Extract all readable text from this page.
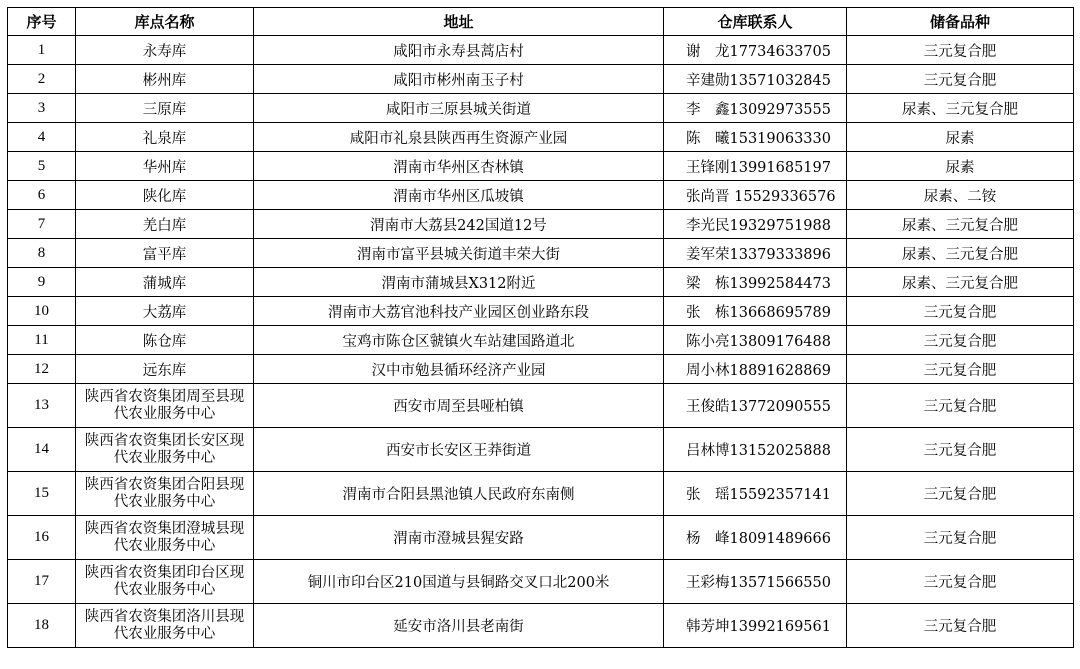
序号	库点名称	地址	仓库联系人	储备品种
1	永寿库	咸阳市永寿县蒿店村	谢　龙17734633705	三元复合肥
2	彬州库	咸阳市彬州南玉子村	辛建勋13571032845	三元复合肥
3	三原库	咸阳市三原县城关街道	李　鑫13092973555	尿素、三元复合肥
4	礼泉库	咸阳市礼泉县陕西再生资源产业园	陈　曦15319063330	尿素
5	华州库	渭南市华州区杏林镇	王锋刚13991685197	尿素
6	陕化库	渭南市华州区瓜坡镇	张尚晋 15529336576	尿素、二铵
7	羌白库	渭南市大荔县242国道12号	李光民19329751988	尿素、三元复合肥
8	富平库	渭南市富平县城关街道丰荣大街	姜军荣13379333896	尿素、三元复合肥
9	蒲城库	渭南市蒲城县X312附近	梁　栋13992584473	尿素、三元复合肥
10	大荔库	渭南市大荔官池科技产业园区创业路东段	张　栋13668695789	三元复合肥
11	陈仓库	宝鸡市陈仓区虢镇火车站建国路道北	陈小亮13809176488	三元复合肥
12	远东库	汉中市勉县循环经济产业园	周小林18891628869	三元复合肥
13	陕西省农资集团周至县现代农业服务中心	西安市周至县哑柏镇	王俊皓13772090555	三元复合肥
14	陕西省农资集团长安区现代农业服务中心	西安市长安区王莽街道	吕林博13152025888	三元复合肥
15	陕西省农资集团合阳县现代农业服务中心	渭南市合阳县黑池镇人民政府东南侧	张　瑶15592357141	三元复合肥
16	陕西省农资集团澄城县现代农业服务中心	渭南市澄城县猩安路	杨　峰18091489666	三元复合肥
17	陕西省农资集团印台区现代农业服务中心	铜川市印台区210国道与县铜路交叉口北200米	王彩梅13571566550	三元复合肥
18	陕西省农资集团洛川县现代农业服务中心	延安市洛川县老南街	韩芳坤13992169561	三元复合肥
